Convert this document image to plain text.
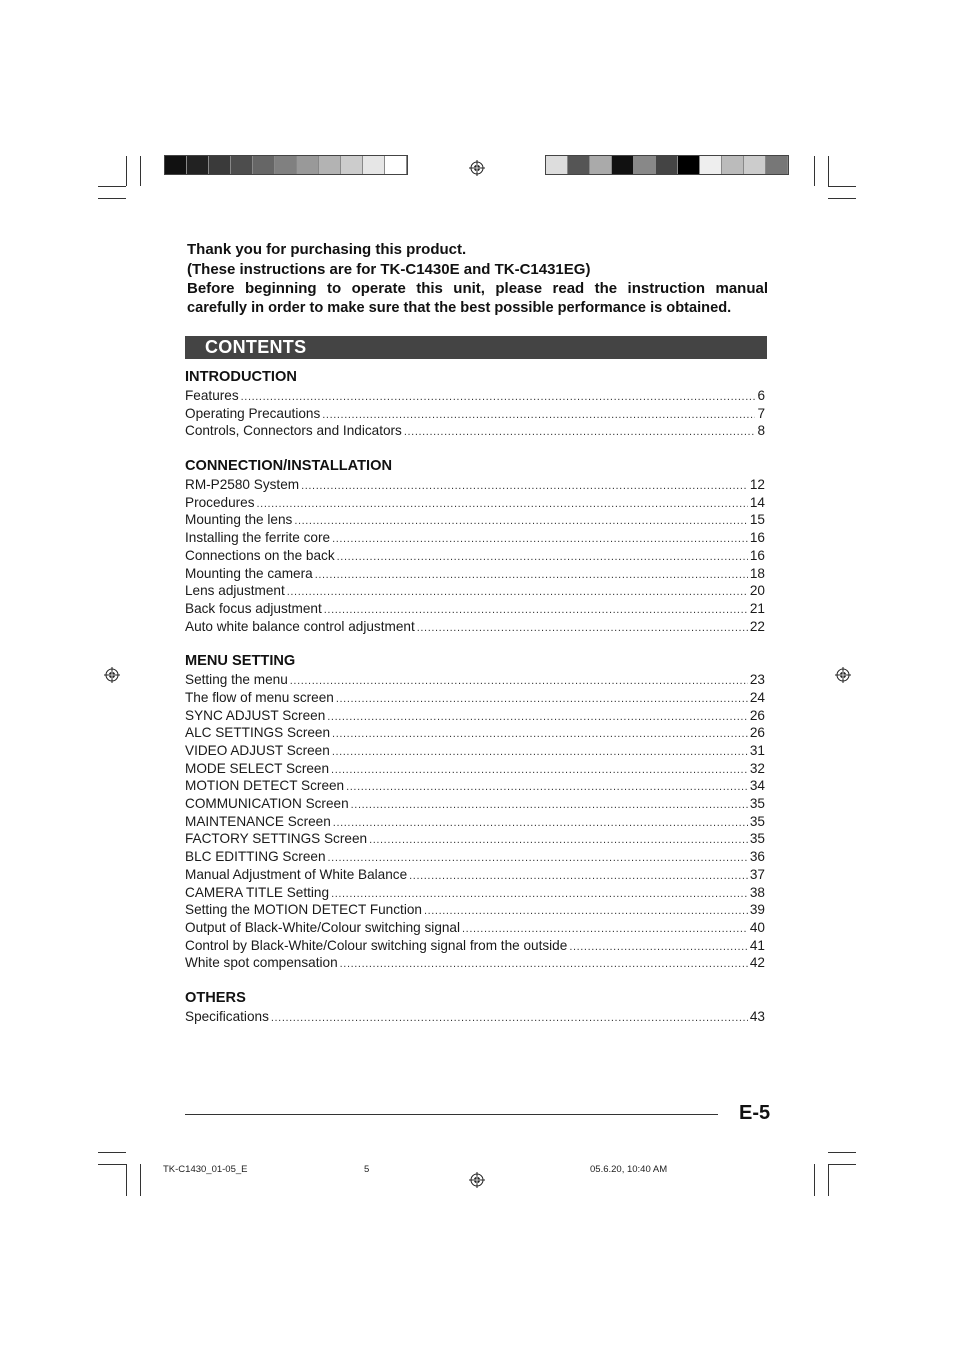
Thank you for purchasing this product.

(These instructions are for TK-C1430E and TK-C1431EG)

Before beginning to operate this unit, please read the instruction manual

carefully in order to make sure that the best possible performance is obtained.

CONTENTS
INTRODUCTION
Features .....	6
Operating Precautions .....	7
Controls, Connectors and Indicators .....	8
CONNECTION/INSTALLATION
RM-P2580 System .....	12
Procedures .....	14
Mounting the lens .....	15
Installing the ferrite core .....	16
Connections on the back .....	16
Mounting the camera .....	18
Lens adjustment .....	20
Back focus adjustment .....	21
Auto white balance control adjustment .....	22
MENU SETTING
Setting the menu .....	23
The flow of menu screen .....	24
SYNC ADJUST Screen .....	26
ALC SETTINGS Screen .....	26
VIDEO ADJUST Screen .....	31
MODE SELECT Screen .....	32
MOTION DETECT Screen .....	34
COMMUNICATION Screen .....	35
MAINTENANCE Screen .....	35
FACTORY SETTINGS Screen .....	35
BLC EDITTING Screen .....	36
Manual Adjustment of White Balance .....	37
CAMERA TITLE Setting .....	38
Setting the MOTION DETECT Function .....	39
Output of Black-White/Colour switching signal .....	40
Control by Black-White/Colour switching signal from the outside .....	41
White spot compensation .....	42
OTHERS
Specifications .....	43
E-5
TK-C1430_01-05_E	5	05.6.20, 10:40 AM
